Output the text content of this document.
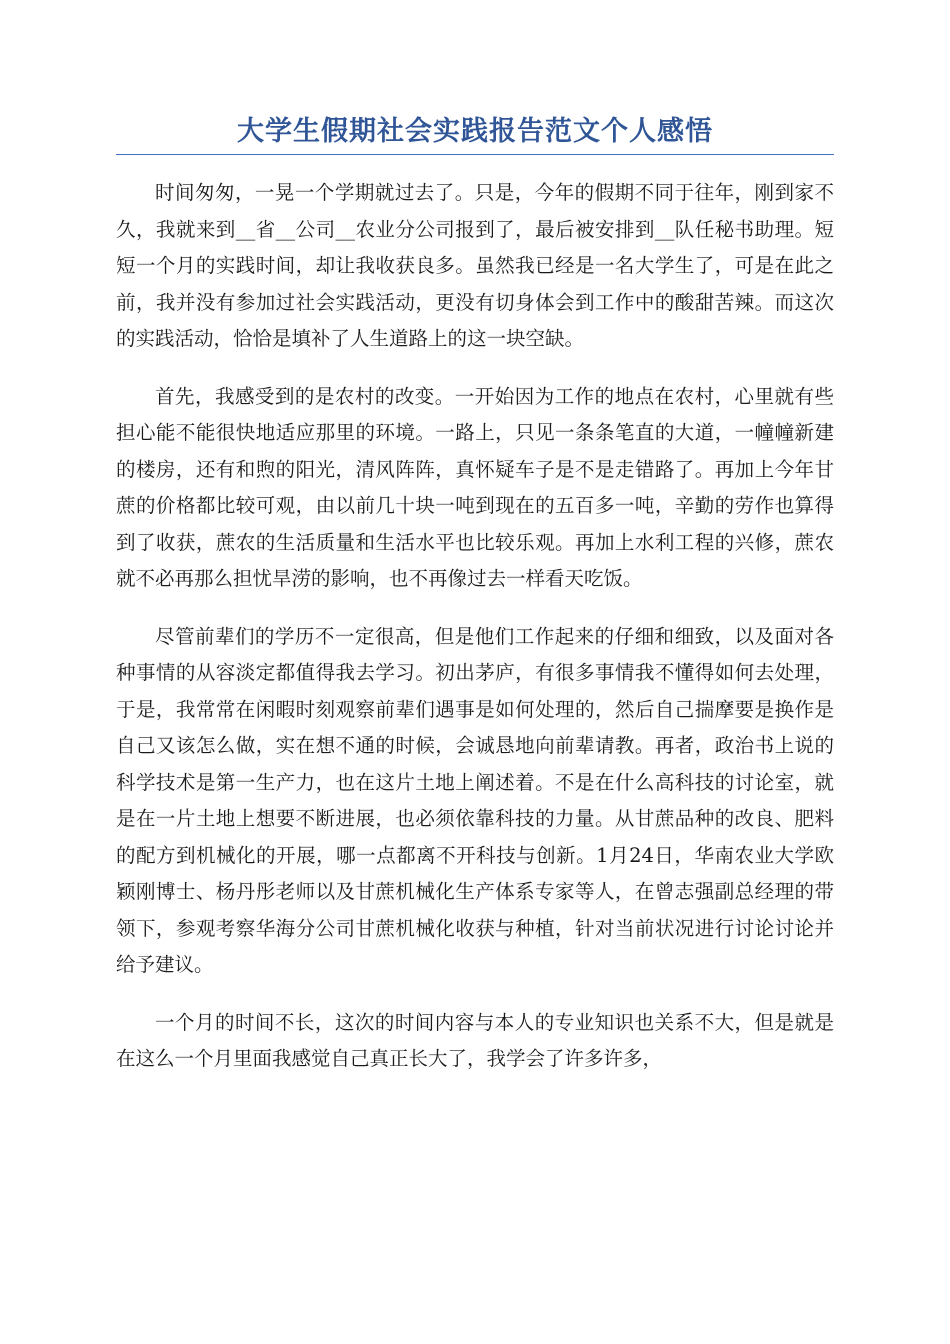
大学生假期社会实践报告范文个人感悟

时间匆匆，一晃一个学期就过去了。只是，今年的假期不同于往年，刚到家不久，我就来到__省__公司__农业分公司报到了，最后被安排到__队任秘书助理。短短一个月的实践时间，却让我收获良多。虽然我已经是一名大学生了，可是在此之前，我并没有参加过社会实践活动，更没有切身体会到工作中的酸甜苦辣。而这次的实践活动，恰恰是填补了人生道路上的这一块空缺。

首先，我感受到的是农村的改变。一开始因为工作的地点在农村，心里就有些担心能不能很快地适应那里的环境。一路上，只见一条条笔直的大道，一幢幢新建的楼房，还有和煦的阳光，清风阵阵，真怀疑车子是不是走错路了。再加上今年甘蔗的价格都比较可观，由以前几十块一吨到现在的五百多一吨，辛勤的劳作也算得到了收获，蔗农的生活质量和生活水平也比较乐观。再加上水利工程的兴修，蔗农就不必再那么担忧旱涝的影响，也不再像过去一样看天吃饭。

尽管前辈们的学历不一定很高，但是他们工作起来的仔细和细致，以及面对各种事情的从容淡定都值得我去学习。初出茅庐，有很多事情我不懂得如何去处理，于是，我常常在闲暇时刻观察前辈们遇事是如何处理的，然后自己揣摩要是换作是自己又该怎么做，实在想不通的时候，会诚恳地向前辈请教。再者，政治书上说的科学技术是第一生产力，也在这片土地上阐述着。不是在什么高科技的讨论室，就是在一片土地上想要不断进展，也必须依靠科技的力量。从甘蔗品种的改良、肥料的配方到机械化的开展，哪一点都离不开科技与创新。1月24日，华南农业大学欧颖刚博士、杨丹彤老师以及甘蔗机械化生产体系专家等人，在曾志强副总经理的带领下，参观考察华海分公司甘蔗机械化收获与种植，针对当前状况进行讨论讨论并给予建议。

一个月的时间不长，这次的时间内容与本人的专业知识也关系不大，但是就是在这么一个月里面我感觉自己真正长大了，我学会了许多许多，
